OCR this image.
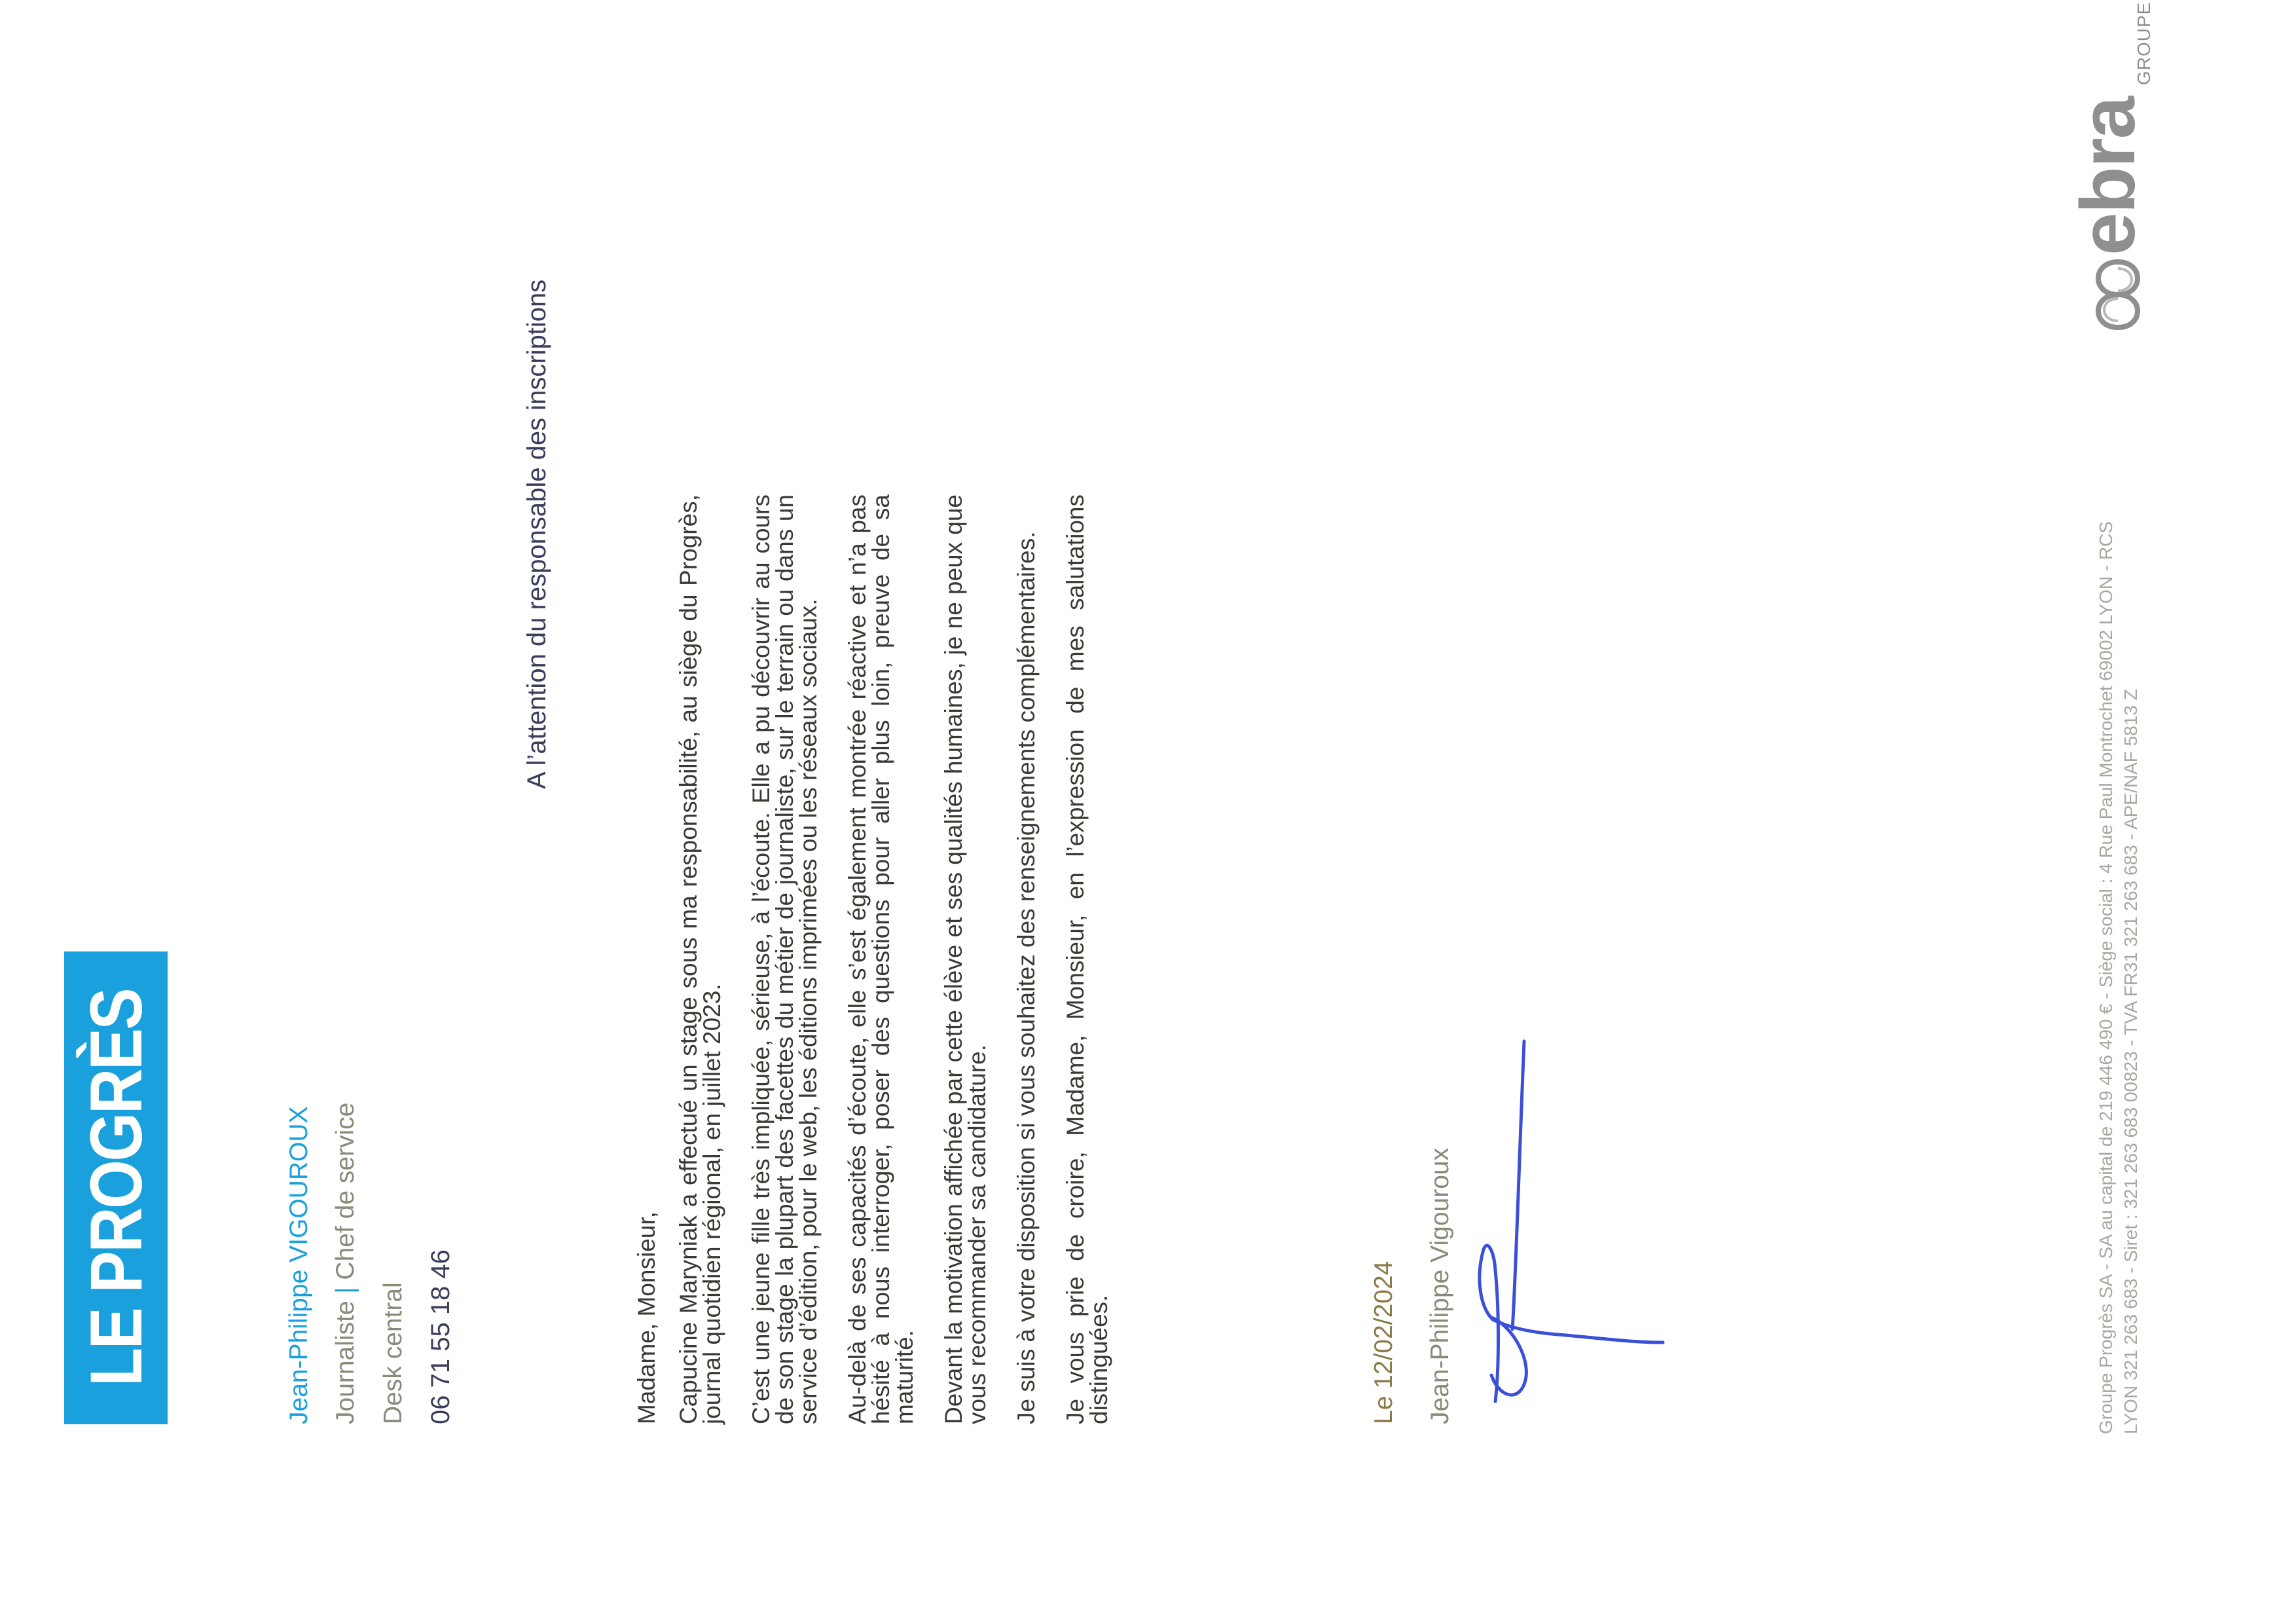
LE PROGRÈS	Jean-Philippe VIGOUROUX
Journaliste | Chef de service
Desk central 06 71 55 18 46
A l’attention du responsable des inscriptions

Madame, Monsieur, Capucine Maryniak a effectué un stage sous ma responsabilité, au siège du Progrès, journal quotidien régional, en juillet 2023. C’est une jeune fille très impliquée, sérieuse, à l’écoute. Elle a pu découvrir au cours de son stage la plupart des facettes du métier de journaliste, sur le terrain ou dans un service d’édition, pour le web, les éditions imprimées ou les réseaux sociaux. Au-delà de ses capacités d’écoute, elle s’est également montrée réactive et n’a pas hésité à nous interroger, poser des questions pour aller plus loin, preuve de sa maturité. Devant la motivation affichée par cette élève et ses qualités humaines, je ne peux que vous recommander sa candidature. Je suis à votre disposition si vous souhaitez des renseignements complémentaires. Je vous prie de croire, Madame, Monsieur, en l’expression de mes salutations distinguées.	Le 12/02/2024 Jean-Philippe Vigouroux	Groupe Progrès SA - SA au capital de 219 446 490 € - Siège social : 4 Rue Paul Montrochet 69002 LYON - RCS LYON 321 263 683 - Siret : 321 263 683 00823 - TVA FR31 321 263 683 - APE/NAF 5813 Z
ebra
GROUPE
